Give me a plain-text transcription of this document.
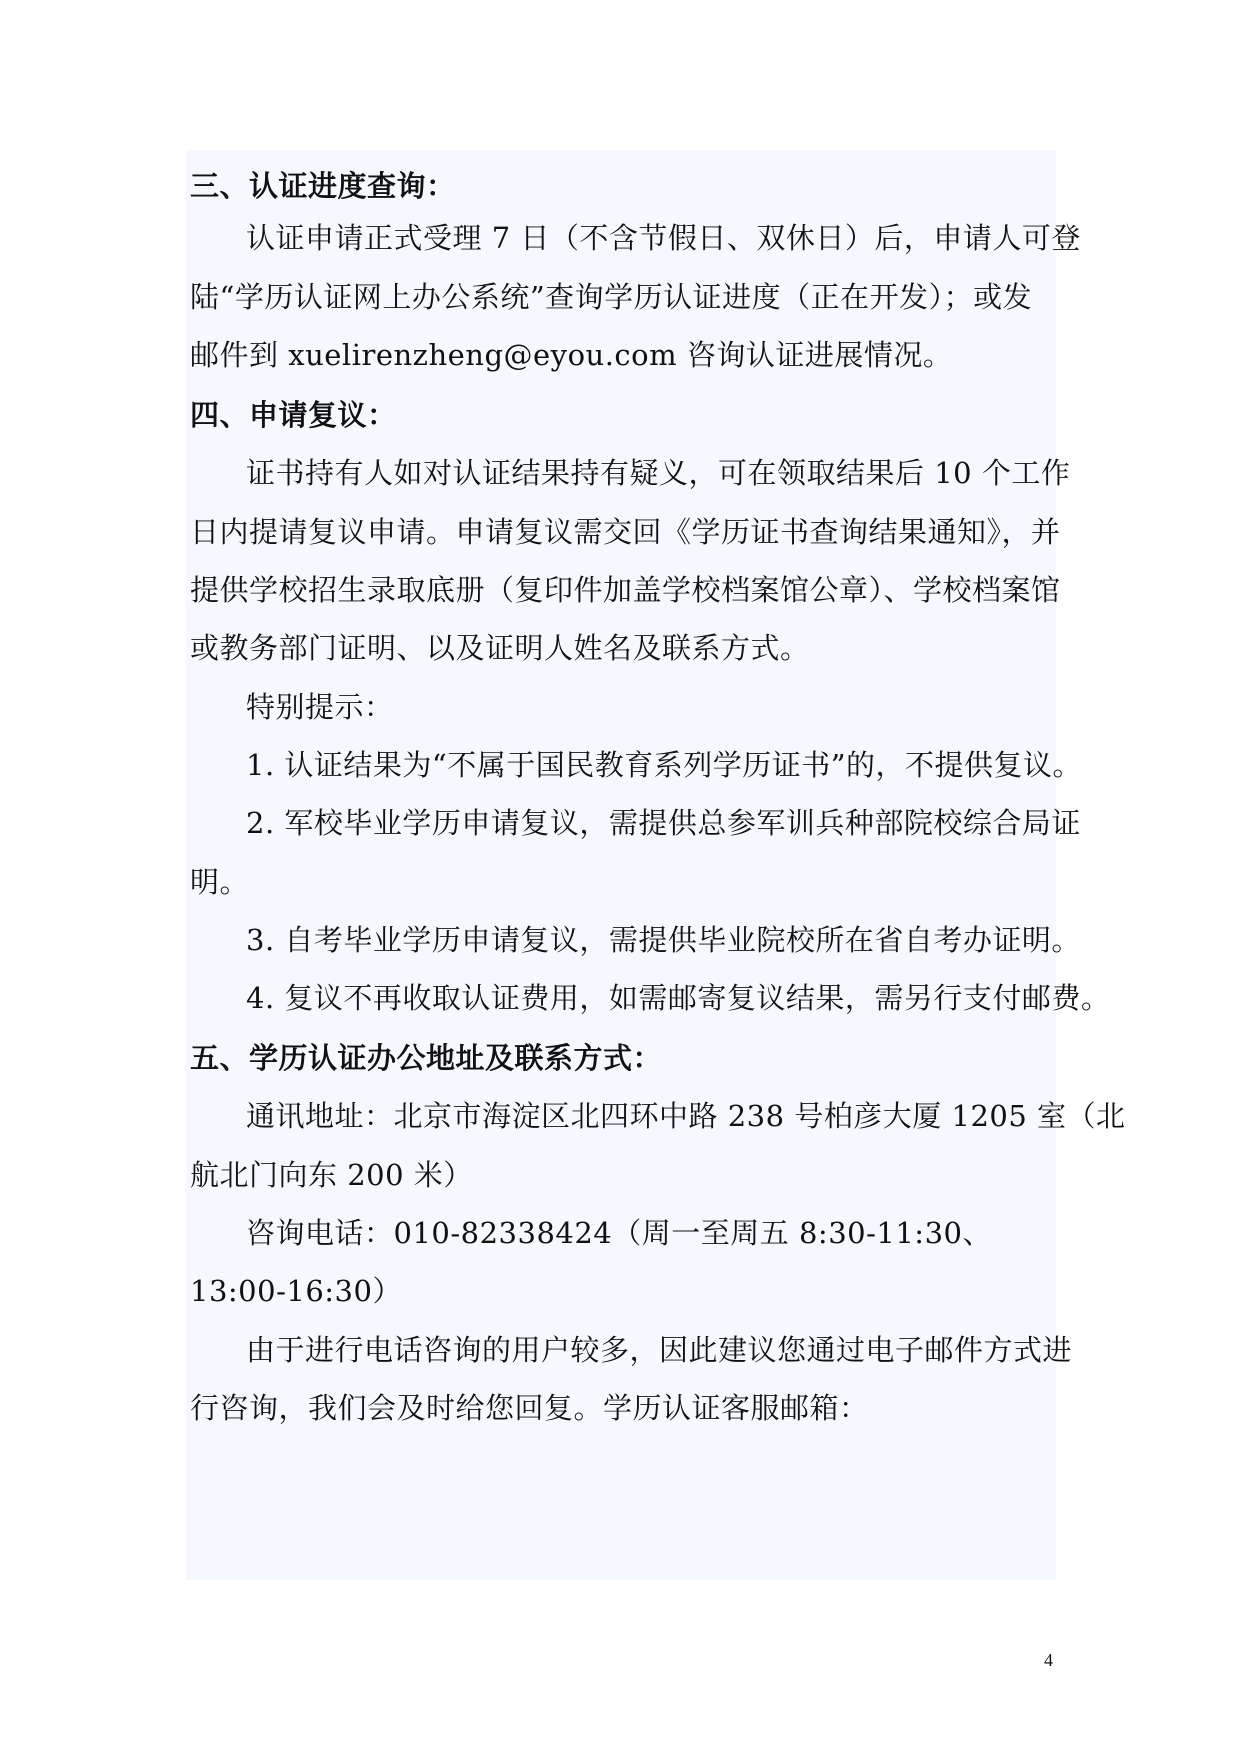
三、认证进度查询：
认证申请正式受理 7 日（不含节假日、双休日）后，申请人可登
陆“学历认证网上办公系统”查询学历认证进度（正在开发）；或发
邮件到 xuelirenzheng@eyou.com 咨询认证进展情况。
四、申请复议：
证书持有人如对认证结果持有疑义，可在领取结果后 10 个工作
日内提请复议申请。申请复议需交回《学历证书查询结果通知》，并
提供学校招生录取底册（复印件加盖学校档案馆公章）、学校档案馆
或教务部门证明、以及证明人姓名及联系方式。
特别提示：
1. 认证结果为“不属于国民教育系列学历证书”的，不提供复议。
2. 军校毕业学历申请复议，需提供总参军训兵种部院校综合局证
明。
3. 自考毕业学历申请复议，需提供毕业院校所在省自考办证明。
4. 复议不再收取认证费用，如需邮寄复议结果，需另行支付邮费。
五、学历认证办公地址及联系方式：
通讯地址：北京市海淀区北四环中路 238 号柏彦大厦 1205 室（北
航北门向东 200 米）
咨询电话：010-82338424（周一至周五 8:30-11:30、
13:00-16:30）
由于进行电话咨询的用户较多，因此建议您通过电子邮件方式进
行咨询，我们会及时给您回复。学历认证客服邮箱：
4
